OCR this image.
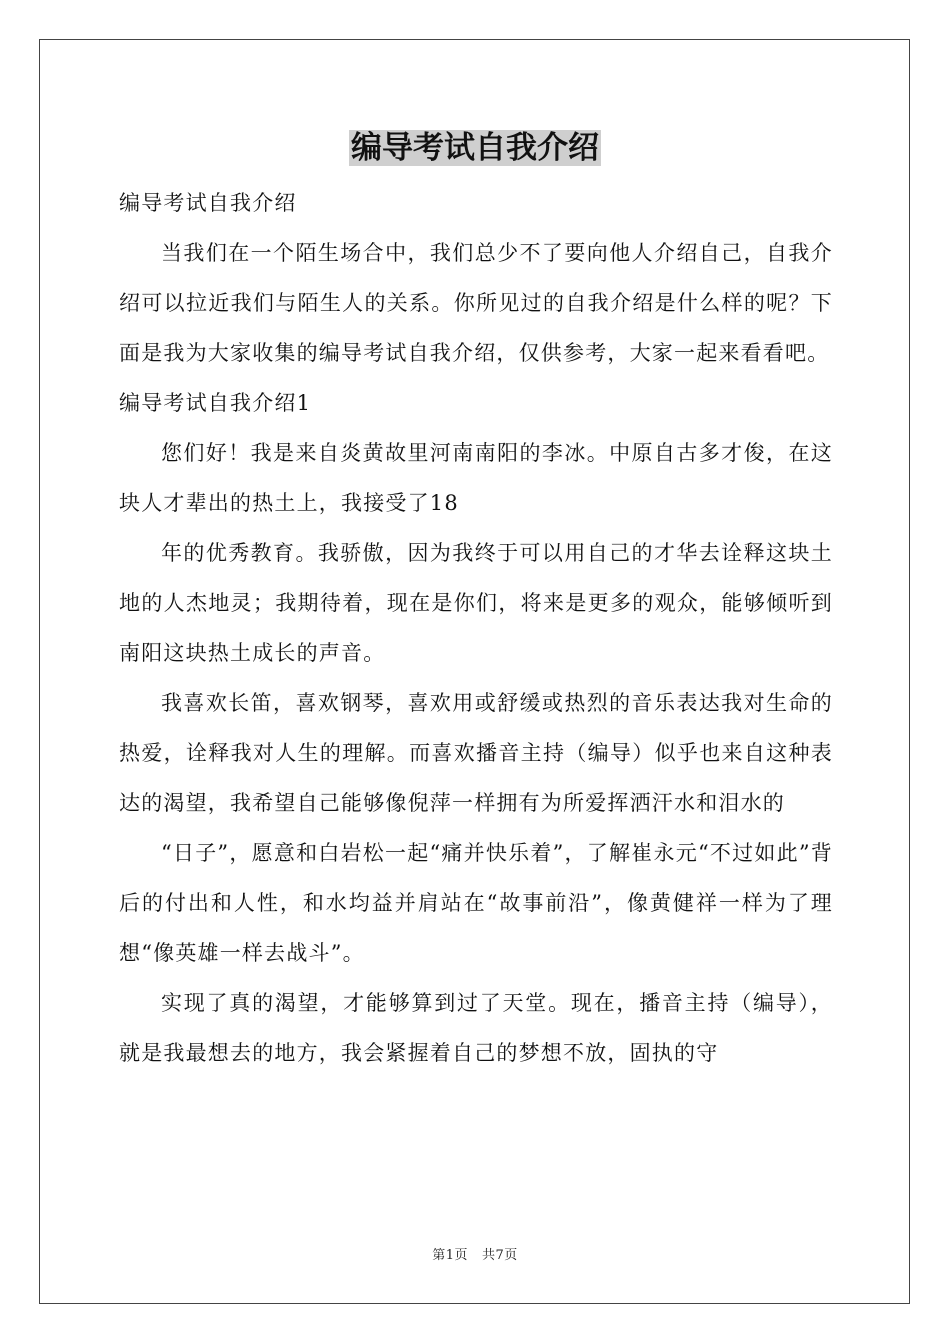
编导考试自我介绍

编导考试自我介绍

当我们在一个陌生场合中，我们总少不了要向他人介绍自己，自我介绍可以拉近我们与陌生人的关系。你所见过的自我介绍是什么样的呢？下面是我为大家收集的编导考试自我介绍，仅供参考，大家一起来看看吧。

编导考试自我介绍1

您们好！我是来自炎黄故里河南南阳的李冰。中原自古多才俊，在这块人才辈出的热土上，我接受了18

年的优秀教育。我骄傲，因为我终于可以用自己的才华去诠释这块土地的人杰地灵；我期待着，现在是你们，将来是更多的观众，能够倾听到南阳这块热土成长的声音。

我喜欢长笛，喜欢钢琴，喜欢用或舒缓或热烈的音乐表达我对生命的热爱，诠释我对人生的理解。而喜欢播音主持（编导）似乎也来自这种表达的渴望，我希望自己能够像倪萍一样拥有为所爱挥洒汗水和泪水的

“日子”，愿意和白岩松一起“痛并快乐着”，了解崔永元“不过如此”背后的付出和人性，和水均益并肩站在“故事前沿”，像黄健祥一样为了理想“像英雄一样去战斗”。

实现了真的渴望，才能够算到过了天堂。现在，播音主持（编导），就是我最想去的地方，我会紧握着自己的梦想不放，固执的守

第1页 共7页
